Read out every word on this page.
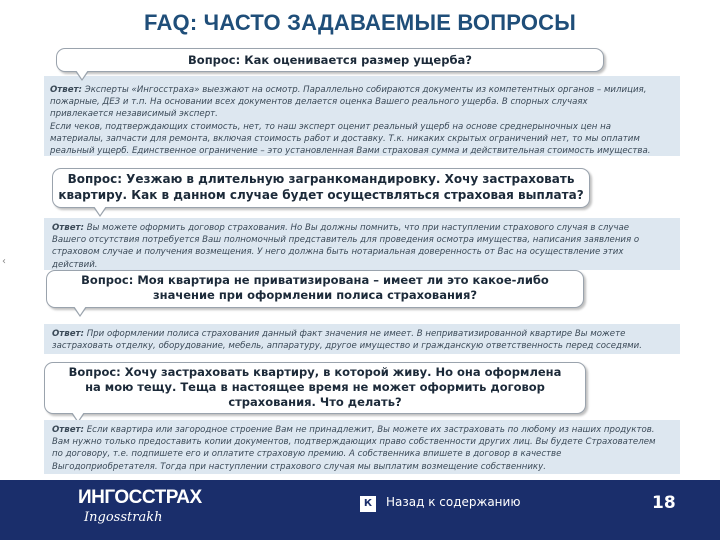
FAQ: ЧАСТО ЗАДАВАЕМЫЕ ВОПРОСЫ
‹
Ответ: Эксперты «Ингосстраха» выезжают на осмотр. Параллельно собираются документы из компетентных органов – милиция,
пожарные, ДЕЗ и т.п. На основании всех документов делается оценка Вашего реального ущерба. В спорных случаях
привлекается независимый эксперт.
Если чеков, подтверждающих стоимость, нет, то наш эксперт оценит реальный ущерб на основе среднерыночных цен на
материалы, запчасти для ремонта, включая стоимость работ и доставку. Т.к. никаких скрытых ограничений нет, то мы оплатим
реальный ущерб. Единственное ограничение – это установленная Вами страховая сумма и действительная стоимость имущества.
Вопрос: Как оценивается размер ущерба?
Вопрос: Уезжаю в длительную загранкомандировку. Хочу застраховать
квартиру. Как в данном случае будет осуществляться страховая выплата?
Ответ: Вы можете оформить договор страхования. Но Вы должны помнить, что при наступлении страхового случая в случае
Вашего отсутствия потребуется Ваш полномочный представитель для проведения осмотра имущества, написания заявления о
страховом случае и получения возмещения. У него должна быть нотариальная доверенность от Вас на осуществление этих
действий.
Вопрос: Моя квартира не приватизирована – имеет ли это какое-либо
значение при оформлении полиса страхования?
Ответ: При оформлении полиса страхования данный факт значения не имеет. В неприватизированной квартире Вы можете
застраховать отделку, оборудование, мебель, аппаратуру, другое имущество и гражданскую ответственность перед соседями.
Вопрос: Хочу застраховать квартиру, в которой живу. Но она оформлена
на мою тещу. Теща в настоящее время не может оформить договор
страхования. Что делать?
Ответ: Если квартира или загородное строение Вам не принадлежит, Вы можете их застраховать по любому из наших продуктов.
Вам нужно только предоставить копии документов, подтверждающих право собственности других лиц. Вы будете Страхователем
по договору, т.е. подпишете его и оплатите страховую премию. А собственника впишете в договор в качестве
Выгодоприобретателя. Тогда при наступлении страхового случая мы выплатим возмещение собственнику.
ИНГОССТРАХ
Ingosstrakh
К	Назад к содержанию	18
